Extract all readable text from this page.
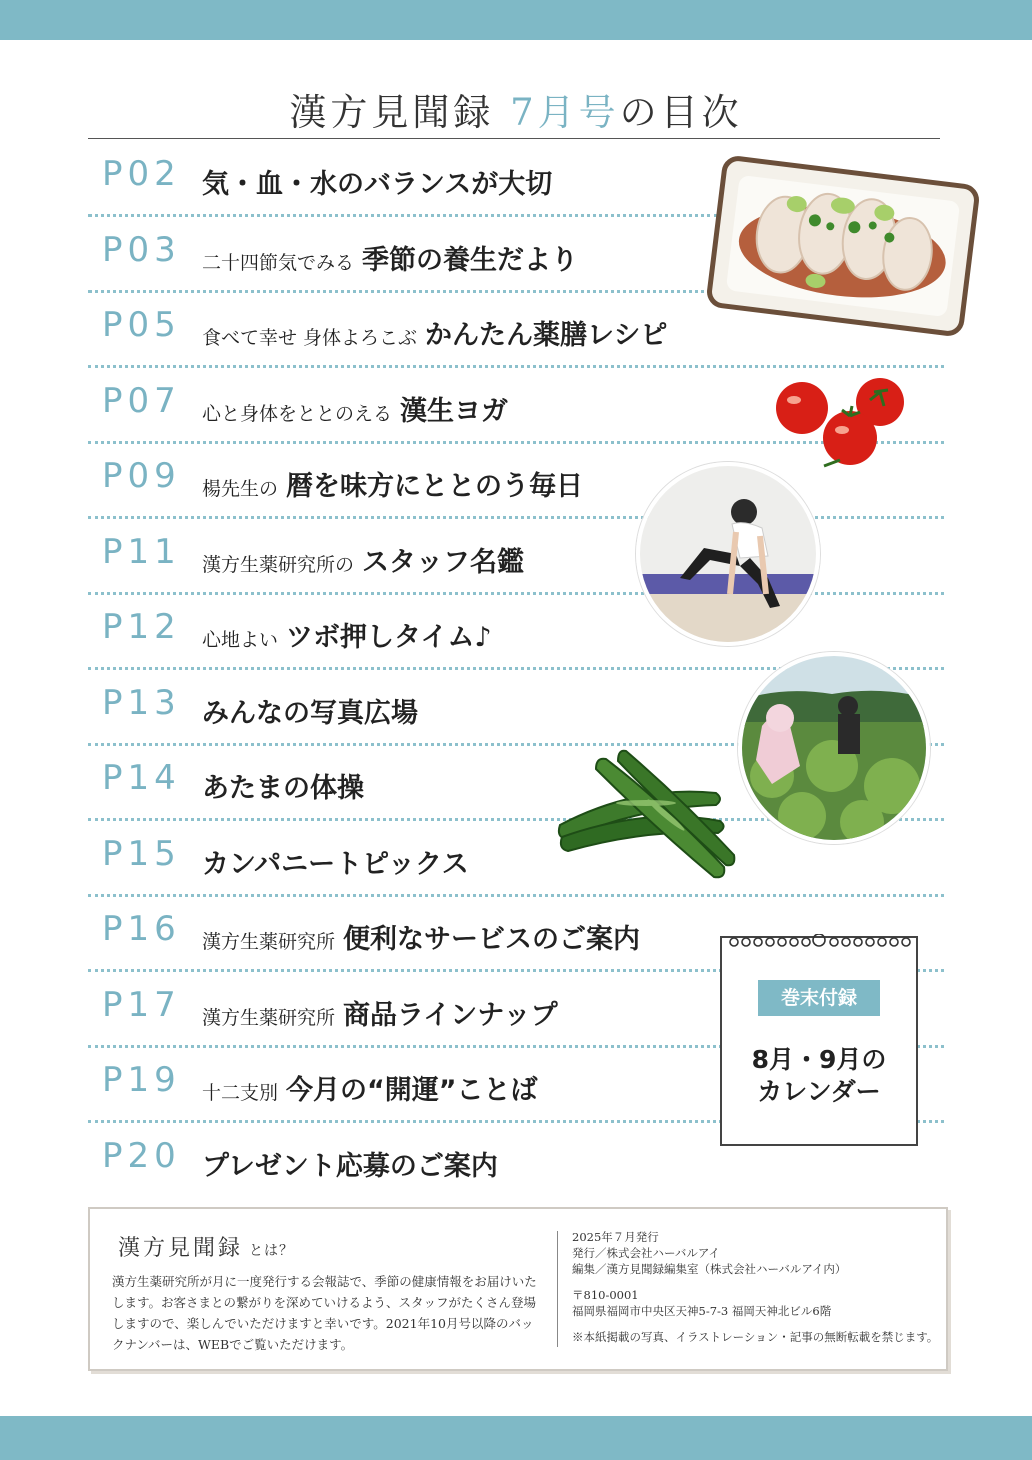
漢方見聞録 7月号の目次
P02 気・血・水のバランスが大切
P03 二十四節気でみる 季節の養生だより
P05 食べて幸せ 身体よろこぶ かんたん薬膳レシピ
P07 心と身体をととのえる 漢生ヨガ
P09 楊先生の 暦を味方にととのう毎日
P11 漢方生薬研究所の スタッフ名鑑
P12 心地よい ツボ押しタイム♪
P13 みんなの写真広場
P14 あたまの体操
P15 カンパニートピックス
P16 漢方生薬研究所 便利なサービスのご案内
P17 漢方生薬研究所 商品ラインナップ
P19 十二支別 今月の“開運”ことば
P20 プレゼント応募のご案内
巻末付録
8月・9月の
カレンダー
漢方見聞録 とは？
漢方生薬研究所が月に一度発行する会報誌で、季節の健康情報をお届けいたします。お客さまとの繋がりを深めていけるよう、スタッフがたくさん登場しますので、楽しんでいただけますと幸いです。2021年10月号以降のバックナンバーは、WEBでご覧いただけます。
2025年７月発行
発行／株式会社ハーバルアイ
編集／漢方見聞録編集室（株式会社ハーバルアイ内）
〒810-0001
福岡県福岡市中央区天神5-7-3 福岡天神北ビル6階
※本紙掲載の写真、イラストレーション・記事の無断転載を禁じます。
